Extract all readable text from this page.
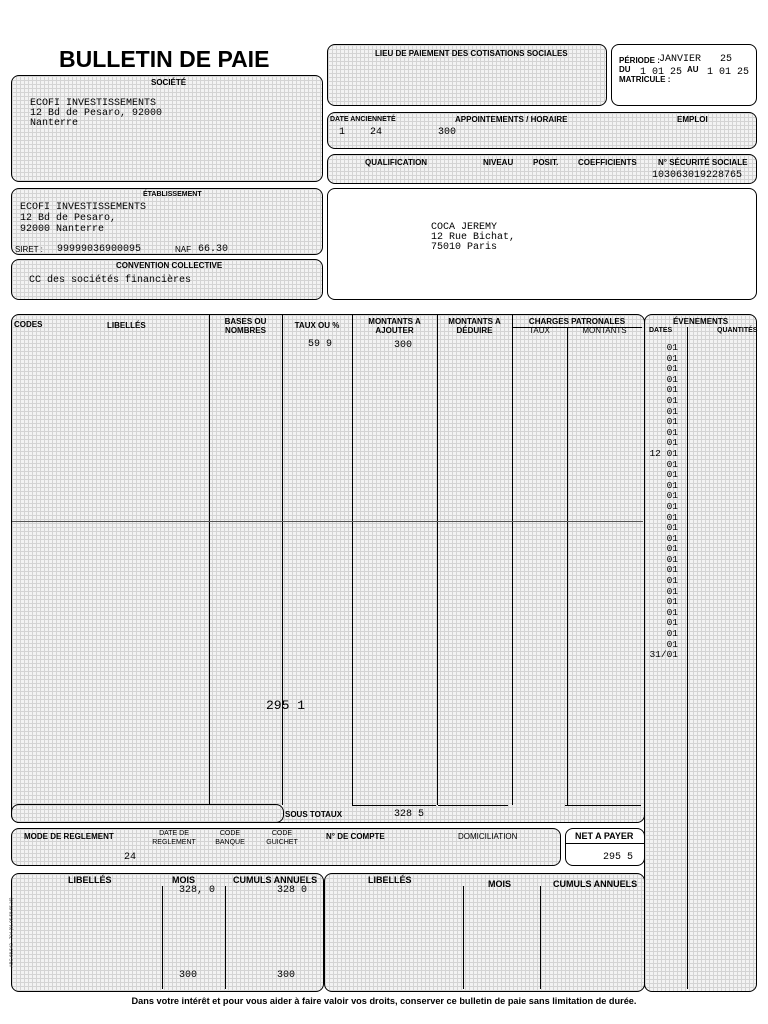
BULLETIN DE PAIE	LIEU DE PAIEMENT DES COTISATIONS SOCIALES
PÉRIODE : JANVIER 25
DU 1 01 25 AU 1 01 25
MATRICULE :
SOCIÉTÉ
ECOFI INVESTISSEMENTS
12 Bd de Pesaro, 92000
Nanterre	DATE ANCIENNETÉ	APPOINTEMENTS / HORAIRE	EMPLOI
1 24	300
QUALIFICATION	NIVEAU POSIT. COEFFICIENTS	N° SÉCURITÉ SOCIALE
103063019228765
ÉTABLISSEMENT
ECOFI INVESTISSEMENTS
12 Bd de Pesaro,
92000 Nanterre
SIRET : 99999036900095	NAF 66.30
COCA JEREMY
12 Rue Bichat,
75010 Paris
CONVENTION COLLECTIVE
CC des sociétés financières
CODES	LIBELLÉS	BASES OU
NOMBRES
TAUX OU %	MONTANTS A
AJOUTER
MONTANTS A
DÉDUIRE
CHARGES PATRONALES
TAUX	MONTANTS
59 9	300
295 1
ÉVENEMENTS
DATES	QUANTITÉS
01
01
01
01
01
01
01
01
01
01
12 01
01
01
01
01
01
01
01
01
01
01
01
01
01
01
01
01
01
01
31/01
SOUS TOTAUX	328 5
MODE DE REGLEMENT	DATE DE
REGLEMENT
CODE
BANQUE
CODE
GUICHET
N° DE COMPTE	DOMICILIATION
24
NET A PAYER
295 5
LIBELLÉS	MOIS	CUMULS ANNUELS
328, 0	328 0
300	300
LIBELLÉS	MOIS	CUMULS ANNUELS
ABC 68.542 - 794 (01.05.58.65.16)
Dans votre intérêt et pour vous aider à faire valoir vos droits, conserver ce bulletin de paie sans limitation de durée.
